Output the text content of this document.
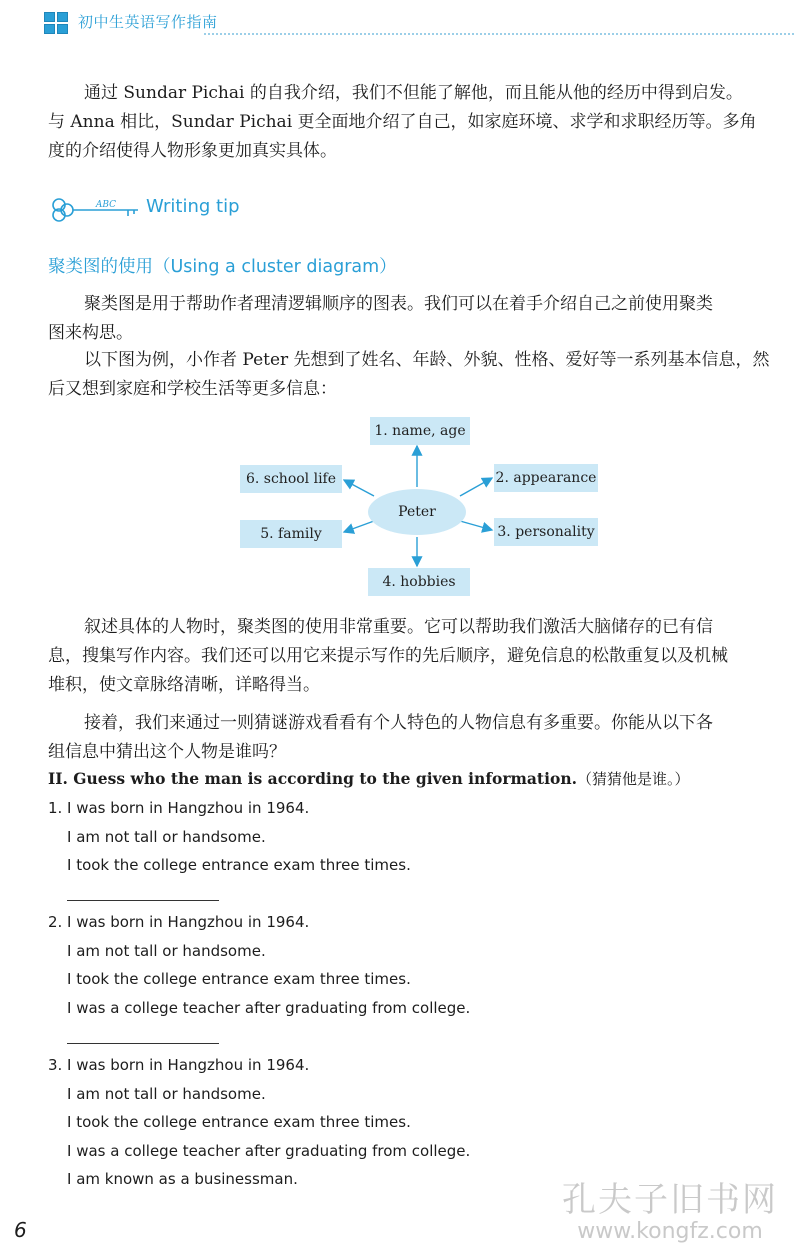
初中生英语写作指南

通过 Sundar Pichai 的自我介绍，我们不但能了解他，而且能从他的经历中得到启发。
与 Anna 相比，Sundar Pichai 更全面地介绍了自己，如家庭环境、求学和求职经历等。多角
度的介绍使得人物形象更加真实具体。

ABC Writing tip
聚类图的使用（Using a cluster diagram）

聚类图是用于帮助作者理清逻辑顺序的图表。我们可以在着手介绍自己之前使用聚类
图来构思。

以下图为例，小作者 Peter 先想到了姓名、年龄、外貌、性格、爱好等一系列基本信息，然
后又想到家庭和学校生活等更多信息：

1. name, age
2. appearance
3. personality
4. hobbies
5. family
6. school life
Peter

叙述具体的人物时，聚类图的使用非常重要。它可以帮助我们激活大脑储存的已有信
息，搜集写作内容。我们还可以用它来提示写作的先后顺序，避免信息的松散重复以及机械
堆积，使文章脉络清晰，详略得当。

接着，我们来通过一则猜谜游戏看看有个人特色的人物信息有多重要。你能从以下各
组信息中猜出这个人物是谁吗？

II. Guess who the man is according to the given information.（猜猜他是谁。）
1. I was born in Hangzhou in 1964.
I am not tall or handsome.
I took the college entrance exam three times.
2. I was born in Hangzhou in 1964.
I am not tall or handsome.
I took the college entrance exam three times.
I was a college teacher after graduating from college.
3. I was born in Hangzhou in 1964.
I am not tall or handsome.
I took the college entrance exam three times.
I was a college teacher after graduating from college.
I am known as a businessman.
6
孔夫子旧书网
www.kongfz.com
